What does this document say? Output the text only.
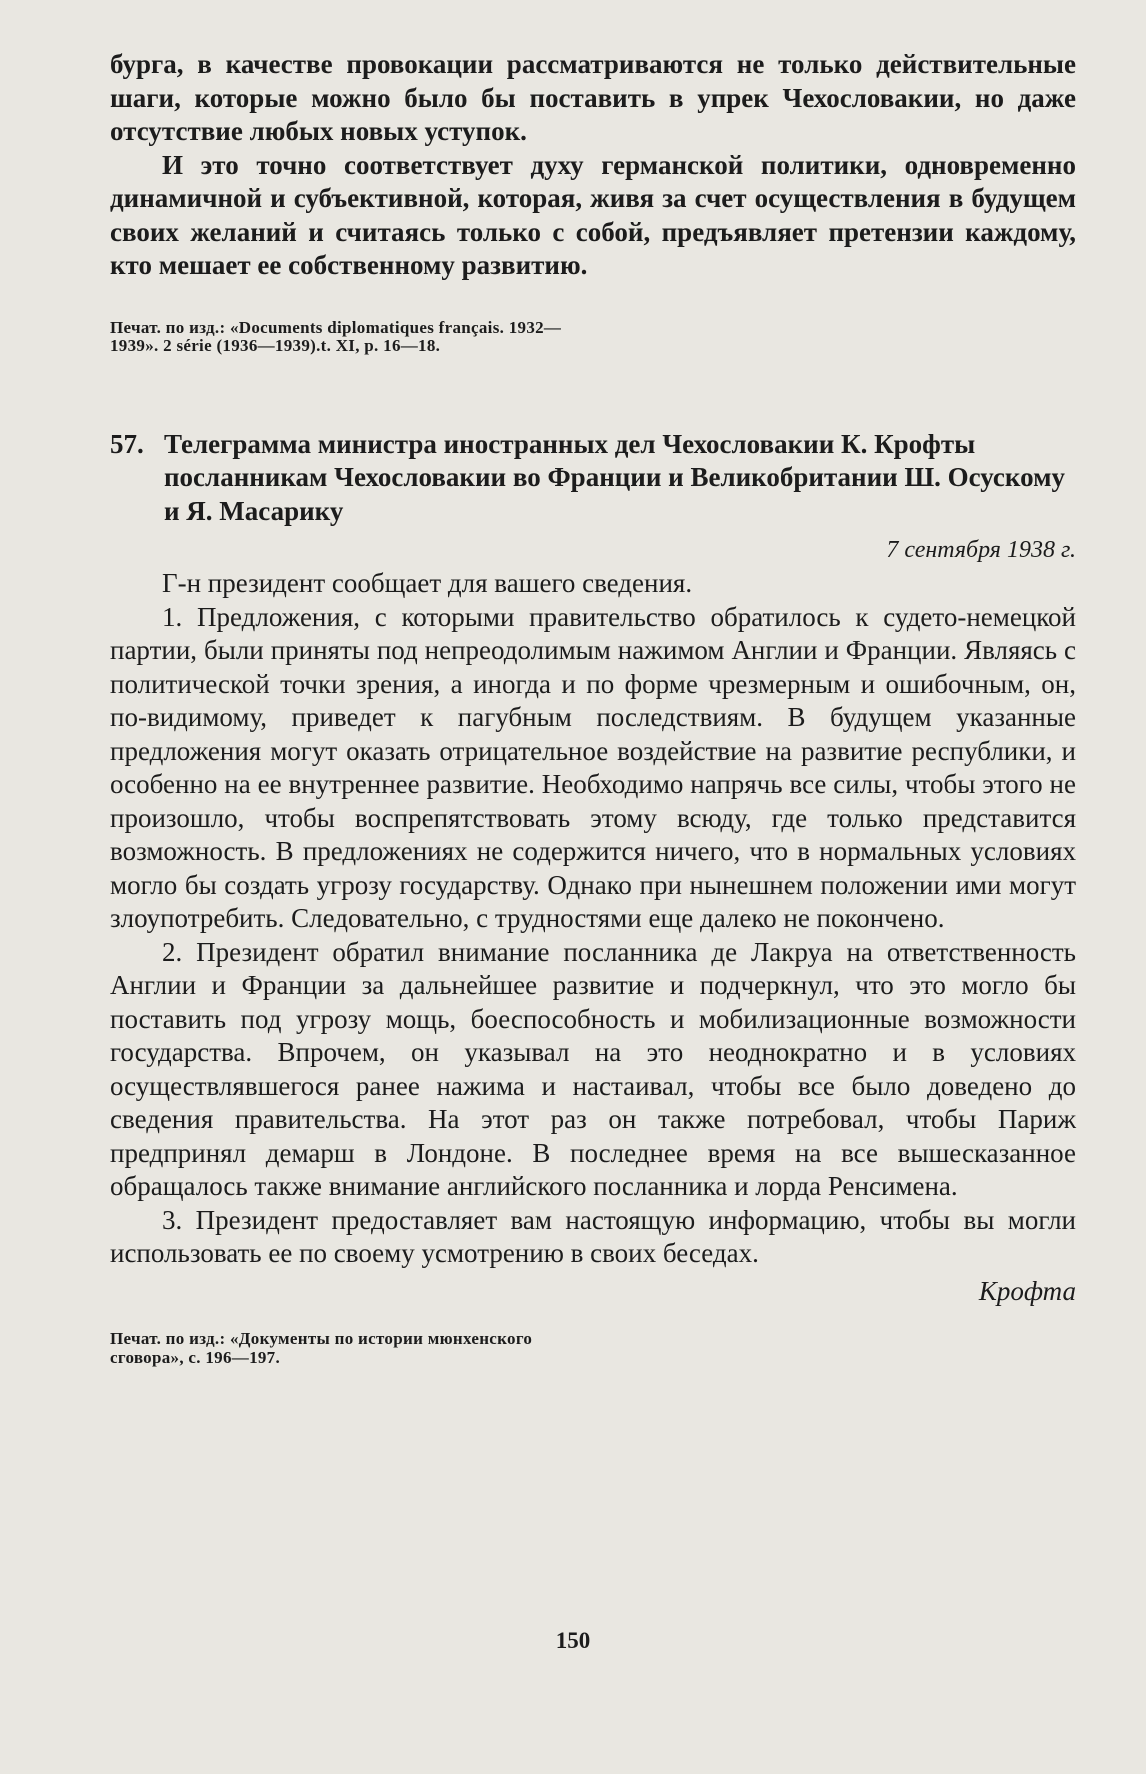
бурга, в качестве провокации рассматриваются не только действительные шаги, которые можно было бы поставить в упрек Чехословакии, но даже отсутствие любых новых уступок.

И это точно соответствует духу германской политики, одновременно динамичной и субъективной, которая, живя за счет осуществления в будущем своих желаний и считаясь только с собой, предъявляет претензии каждому, кто мешает ее собственному развитию.

Печат. по изд.: «Documents diplomatiques français. 1932—1939». 2 série (1936—1939).t. XI, p. 16—18.

57. Телеграмма министра иностранных дел Чехословакии К. Крофты посланникам Чехословакии во Франции и Великобритании Ш. Осускому и Я. Масарику
7 сентября 1938 г.

Г-н президент сообщает для вашего сведения.

1. Предложения, с которыми правительство обратилось к судето-немецкой партии, были приняты под непреодолимым нажимом Англии и Франции. Являясь с политической точки зрения, а иногда и по форме чрезмерным и ошибочным, он, по-видимому, приведет к пагубным последствиям. В будущем указанные предложения могут оказать отрицательное воздействие на развитие республики, и особенно на ее внутреннее развитие. Необходимо напрячь все силы, чтобы этого не произошло, чтобы воспрепятствовать этому всюду, где только представится возможность. В предложениях не содержится ничего, что в нормальных условиях могло бы создать угрозу государству. Однако при нынешнем положении ими могут злоупотребить. Следовательно, с трудностями еще далеко не покончено.

2. Президент обратил внимание посланника де Лакруа на ответственность Англии и Франции за дальнейшее развитие и подчеркнул, что это могло бы поставить под угрозу мощь, боеспособность и мобилизационные возможности государства. Впрочем, он указывал на это неоднократно и в условиях осуществлявшегося ранее нажима и настаивал, чтобы все было доведено до сведения правительства. На этот раз он также потребовал, чтобы Париж предпринял демарш в Лондоне. В последнее время на все вышесказанное обращалось также внимание английского посланника и лорда Ренсимена.

3. Президент предоставляет вам настоящую информацию, чтобы вы могли использовать ее по своему усмотрению в своих беседах.

Крофта

Печат. по изд.: «Документы по истории мюнхенского сговора», с. 196—197.

150
